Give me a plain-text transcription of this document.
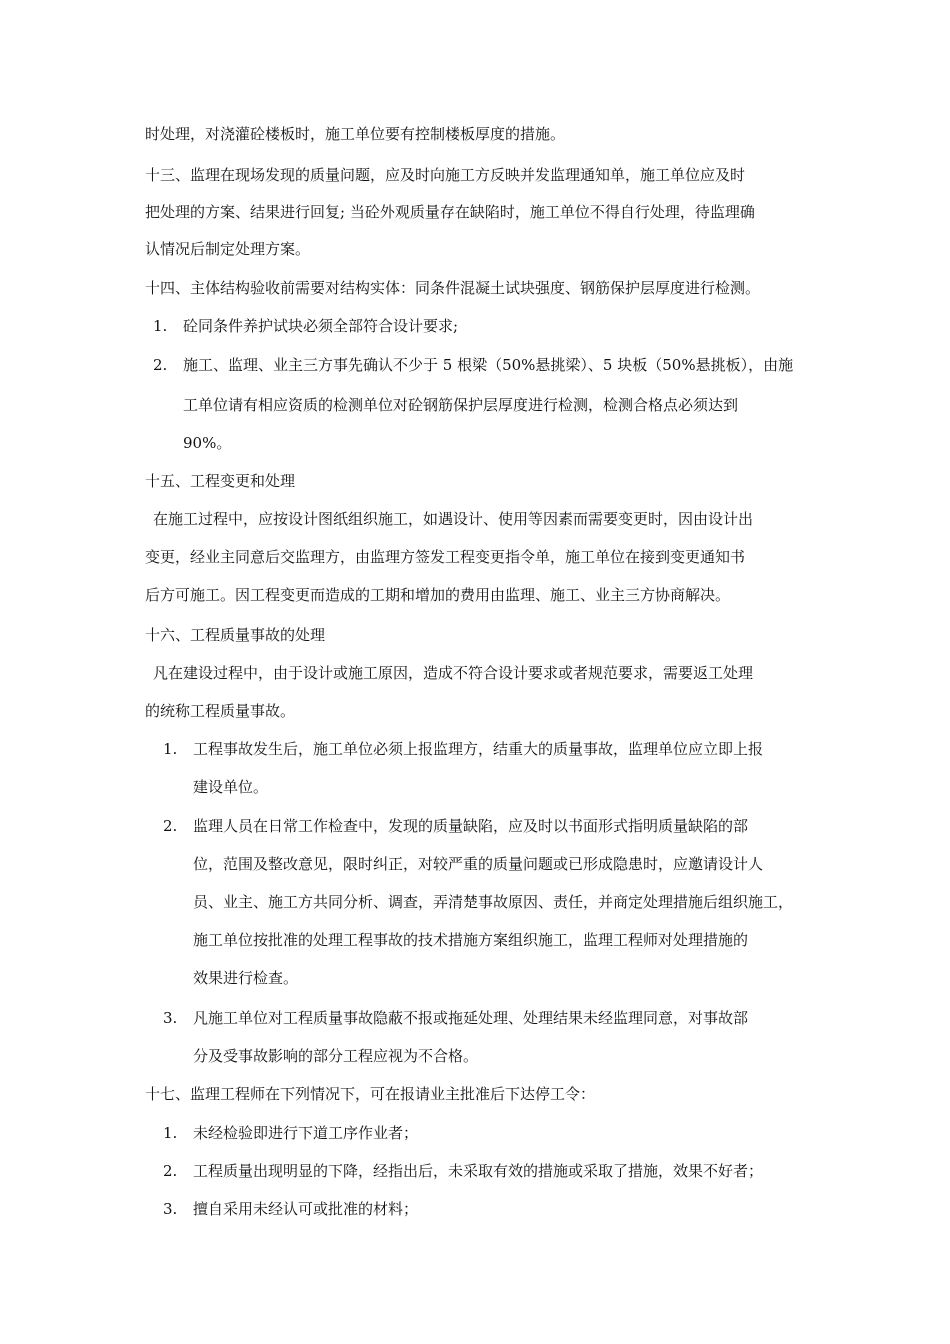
时处理，对浇灌砼楼板时，施工单位要有控制楼板厚度的措施。
十三、监理在现场发现的质量问题，应及时向施工方反映并发监理通知单，施工单位应及时
把处理的方案、结果进行回复; 当砼外观质量存在缺陷时，施工单位不得自行处理，待监理确
认情况后制定处理方案。
十四、主体结构验收前需要对结构实体：同条件混凝土试块强度、钢筋保护层厚度进行检测。
1. 砼同条件养护试块必须全部符合设计要求;
2. 施工、监理、业主三方事先确认不少于 5 根梁（50%悬挑梁）、5 块板（50%悬挑板），由施
工单位请有相应资质的检测单位对砼钢筋保护层厚度进行检测，检测合格点必须达到
90%。
十五、工程变更和处理
在施工过程中，应按设计图纸组织施工，如遇设计、使用等因素而需要变更时，因由设计出
变更，经业主同意后交监理方，由监理方签发工程变更指令单，施工单位在接到变更通知书
后方可施工。因工程变更而造成的工期和增加的费用由监理、施工、业主三方协商解决。
十六、工程质量事故的处理
凡在建设过程中，由于设计或施工原因，造成不符合设计要求或者规范要求，需要返工处理
的统称工程质量事故。
1. 工程事故发生后，施工单位必须上报监理方，结重大的质量事故，监理单位应立即上报
建设单位。
2. 监理人员在日常工作检查中，发现的质量缺陷，应及时以书面形式指明质量缺陷的部
位，范围及整改意见，限时纠正，对较严重的质量问题或已形成隐患时，应邀请设计人
员、业主、施工方共同分析、调查，弄清楚事故原因、责任，并商定处理措施后组织施工，
施工单位按批准的处理工程事故的技术措施方案组织施工，监理工程师对处理措施的
效果进行检查。
3. 凡施工单位对工程质量事故隐蔽不报或拖延处理、处理结果未经监理同意，对事故部
分及受事故影响的部分工程应视为不合格。
十七、监理工程师在下列情况下，可在报请业主批准后下达停工令：
1. 未经检验即进行下道工序作业者；
2. 工程质量出现明显的下降，经指出后，未采取有效的措施或采取了措施，效果不好者；
3. 擅自采用未经认可或批准的材料；
